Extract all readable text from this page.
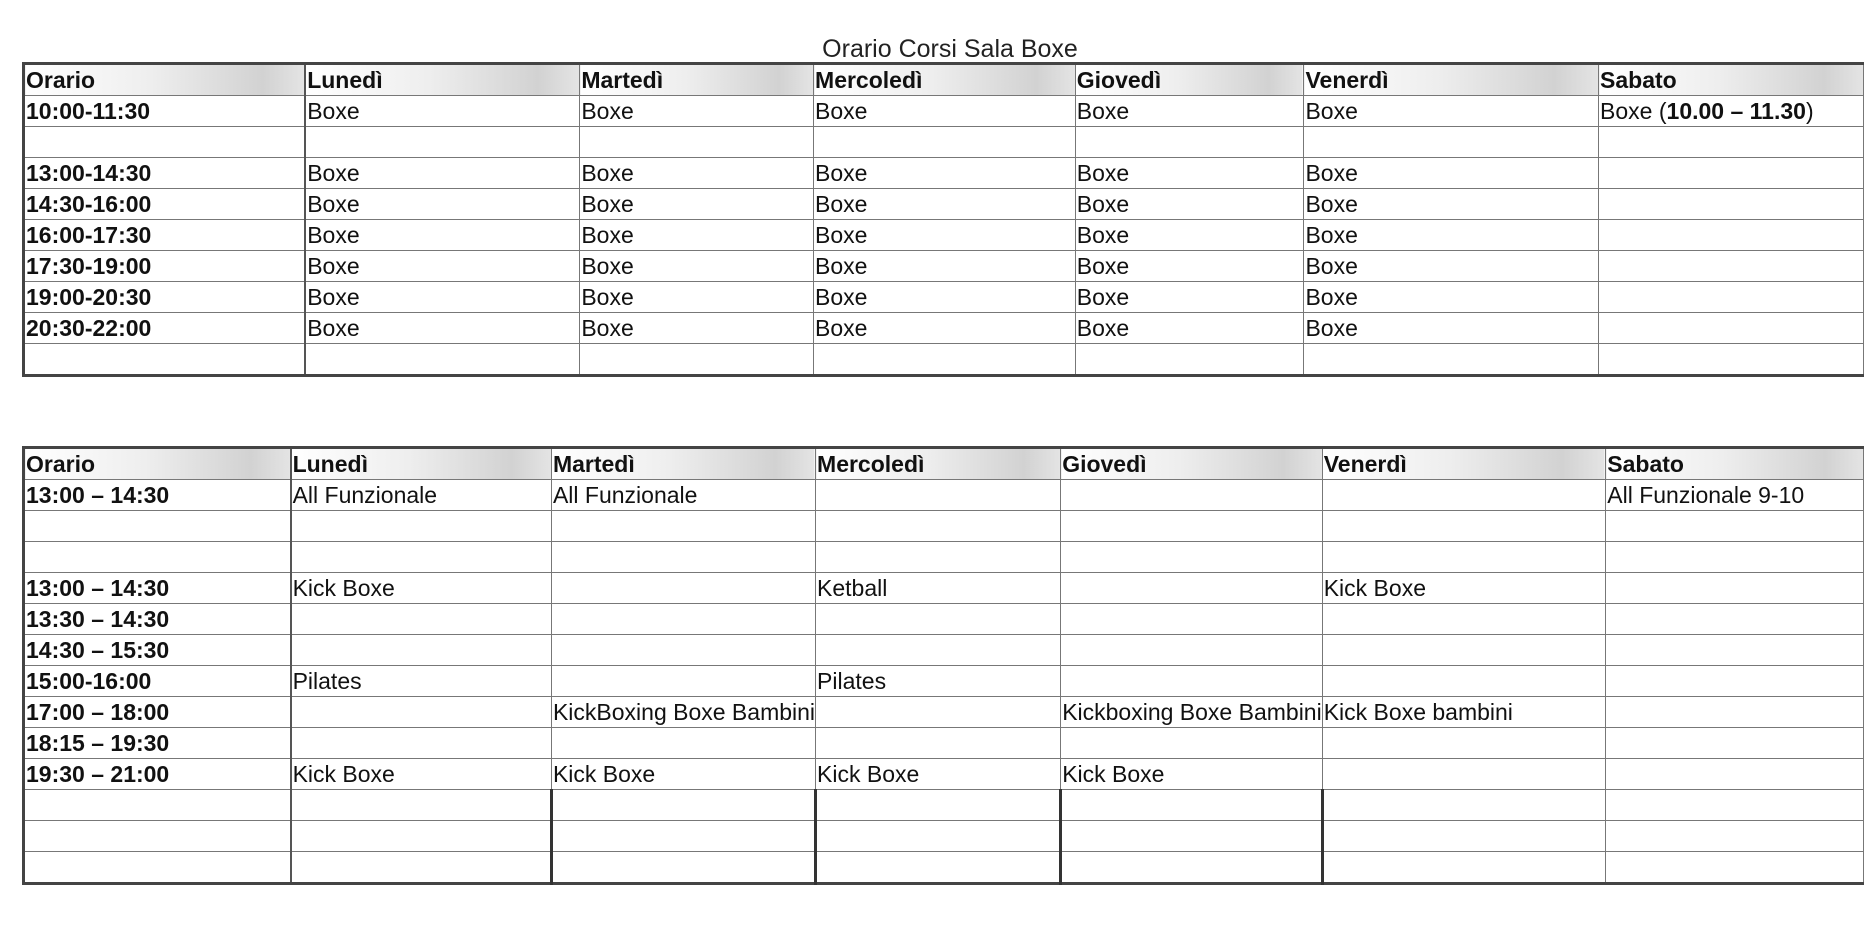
Orario Corsi Sala Boxe
Orario	Lunedì	Martedì	Mercoledì	Giovedì	Venerdì	Sabato
10:00-11:30	Boxe	Boxe	Boxe	Boxe	Boxe	Boxe (10.00 – 11.30)

13:00-14:30	Boxe	Boxe	Boxe	Boxe	Boxe	
14:30-16:00	Boxe	Boxe	Boxe	Boxe	Boxe	
16:00-17:30	Boxe	Boxe	Boxe	Boxe	Boxe	
17:30-19:00	Boxe	Boxe	Boxe	Boxe	Boxe	
19:00-20:30	Boxe	Boxe	Boxe	Boxe	Boxe	
20:30-22:00	Boxe	Boxe	Boxe	Boxe	Boxe	

Orario	Lunedì	Martedì	Mercoledì	Giovedì	Venerdì	Sabato
13:00 – 14:30	All Funzionale	All Funzionale				All Funzionale 9-10

13:00 – 14:30	Kick Boxe		Ketball		Kick Boxe	
13:30 – 14:30						
14:30 – 15:30						
15:00-16:00	Pilates		Pilates			
17:00 – 18:00		KickBoxing Boxe Bambini		Kickboxing Boxe Bambini	Kick Boxe bambini	
18:15 – 19:30						
19:30 – 21:00	Kick Boxe	Kick Boxe	Kick Boxe	Kick Boxe		
